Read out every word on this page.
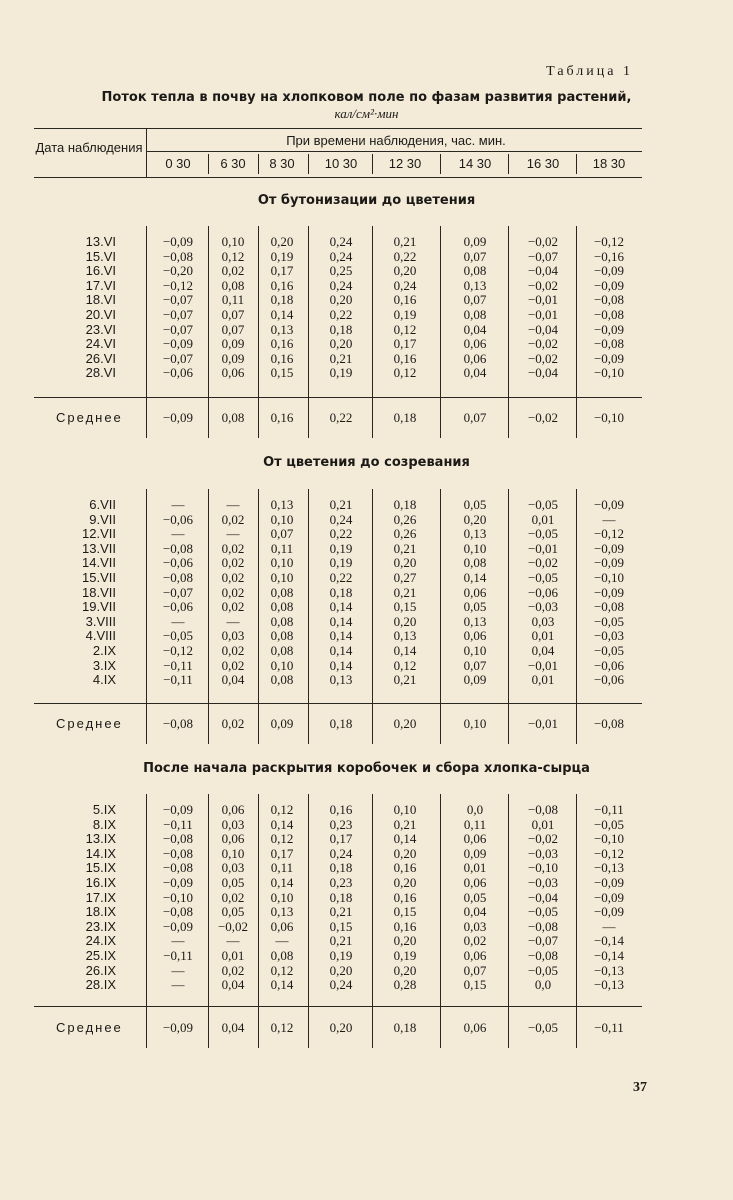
Таблица 1
Поток тепла в почву на хлопковом поле по фазам развития растений,
кал/см²·мин
Дата наблюдения	При времени наблюдения, час. мин.
0 30	6 30	8 30	10 30	12 30	14 30	16 30	18 30
От бутонизации до цветения
13.VI	−0,09	0,10	0,20	0,24	0,21	0,09	−0,02	−0,12
15.VI	−0,08	0,12	0,19	0,24	0,22	0,07	−0,07	−0,16
16.VI	−0,20	0,02	0,17	0,25	0,20	0,08	−0,04	−0,09
17.VI	−0,12	0,08	0,16	0,24	0,24	0,13	−0,02	−0,09
18.VI	−0,07	0,11	0,18	0,20	0,16	0,07	−0,01	−0,08
20.VI	−0,07	0,07	0,14	0,22	0,19	0,08	−0,01	−0,08
23.VI	−0,07	0,07	0,13	0,18	0,12	0,04	−0,04	−0,09
24.VI	−0,09	0,09	0,16	0,20	0,17	0,06	−0,02	−0,08
26.VI	−0,07	0,09	0,16	0,21	0,16	0,06	−0,02	−0,09
28.VI	−0,06	0,06	0,15	0,19	0,12	0,04	−0,04	−0,10
Среднее	−0,09	0,08	0,16	0,22	0,18	0,07	−0,02	−0,10
От цветения до созревания
6.VII	—	—	0,13	0,21	0,18	0,05	−0,05	−0,09
9.VII	−0,06	0,02	0,10	0,24	0,26	0,20	0,01	—
12.VII	—	—	0,07	0,22	0,26	0,13	−0,05	−0,12
13.VII	−0,08	0,02	0,11	0,19	0,21	0,10	−0,01	−0,09
14.VII	−0,06	0,02	0,10	0,19	0,20	0,08	−0,02	−0,09
15.VII	−0,08	0,02	0,10	0,22	0,27	0,14	−0,05	−0,10
18.VII	−0,07	0,02	0,08	0,18	0,21	0,06	−0,06	−0,09
19.VII	−0,06	0,02	0,08	0,14	0,15	0,05	−0,03	−0,08
3.VIII	—	—	0,08	0,14	0,20	0,13	0,03	−0,05
4.VIII	−0,05	0,03	0,08	0,14	0,13	0,06	0,01	−0,03
2.IX	−0,12	0,02	0,08	0,14	0,14	0,10	0,04	−0,05
3.IX	−0,11	0,02	0,10	0,14	0,12	0,07	−0,01	−0,06
4.IX	−0,11	0,04	0,08	0,13	0,21	0,09	0,01	−0,06
Среднее	−0,08	0,02	0,09	0,18	0,20	0,10	−0,01	−0,08
После начала раскрытия коробочек и сбора хлопка-сырца
5.IX	−0,09	0,06	0,12	0,16	0,10	0,0	−0,08	−0,11
8.IX	−0,11	0,03	0,14	0,23	0,21	0,11	0,01	−0,05
13.IX	−0,08	0,06	0,12	0,17	0,14	0,06	−0,02	−0,10
14.IX	−0,08	0,10	0,17	0,24	0,20	0,09	−0,03	−0,12
15.IX	−0,08	0,03	0,11	0,18	0,16	0,01	−0,10	−0,13
16.IX	−0,09	0,05	0,14	0,23	0,20	0,06	−0,03	−0,09
17.IX	−0,10	0,02	0,10	0,18	0,16	0,05	−0,04	−0,09
18.IX	−0,08	0,05	0,13	0,21	0,15	0,04	−0,05	−0,09
23.IX	−0,09	−0,02	0,06	0,15	0,16	0,03	−0,08	—
24.IX	—	—	—	0,21	0,20	0,02	−0,07	−0,14
25.IX	−0,11	0,01	0,08	0,19	0,19	0,06	−0,08	−0,14
26.IX	—	0,02	0,12	0,20	0,20	0,07	−0,05	−0,13
28.IX	—	0,04	0,14	0,24	0,28	0,15	0,0	−0,13
Среднее	−0,09	0,04	0,12	0,20	0,18	0,06	−0,05	−0,11
37
